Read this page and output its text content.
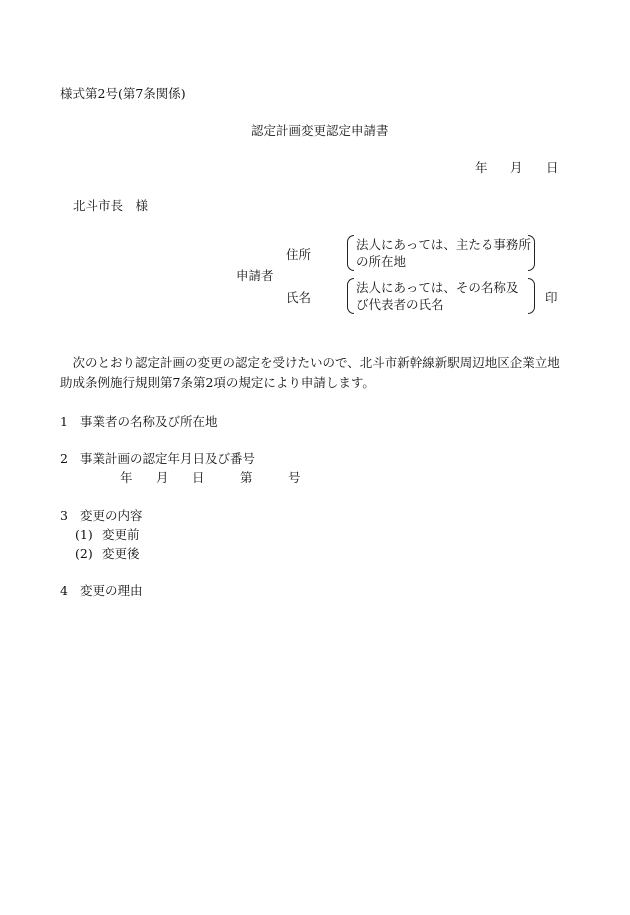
様式第2号(第7条関係)
認定計画変更認定申請書
年 月 日
北斗市長　様
申請者
住所
法人にあっては、主たる事務所
の所在地
氏名
法人にあっては、その名称及
び代表者の氏名	印
次のとおり認定計画の変更の認定を受けたいので、北斗市新幹線新駅周辺地区企業立地助成条例施行規則第7条第2項の規定により申請します。
1 事業者の名称及び所在地
2 事業計画の認定年月日及び番号
年 月 日	第	号
3 変更の内容
(1) 変更前
(2) 変更後
4 変更の理由
